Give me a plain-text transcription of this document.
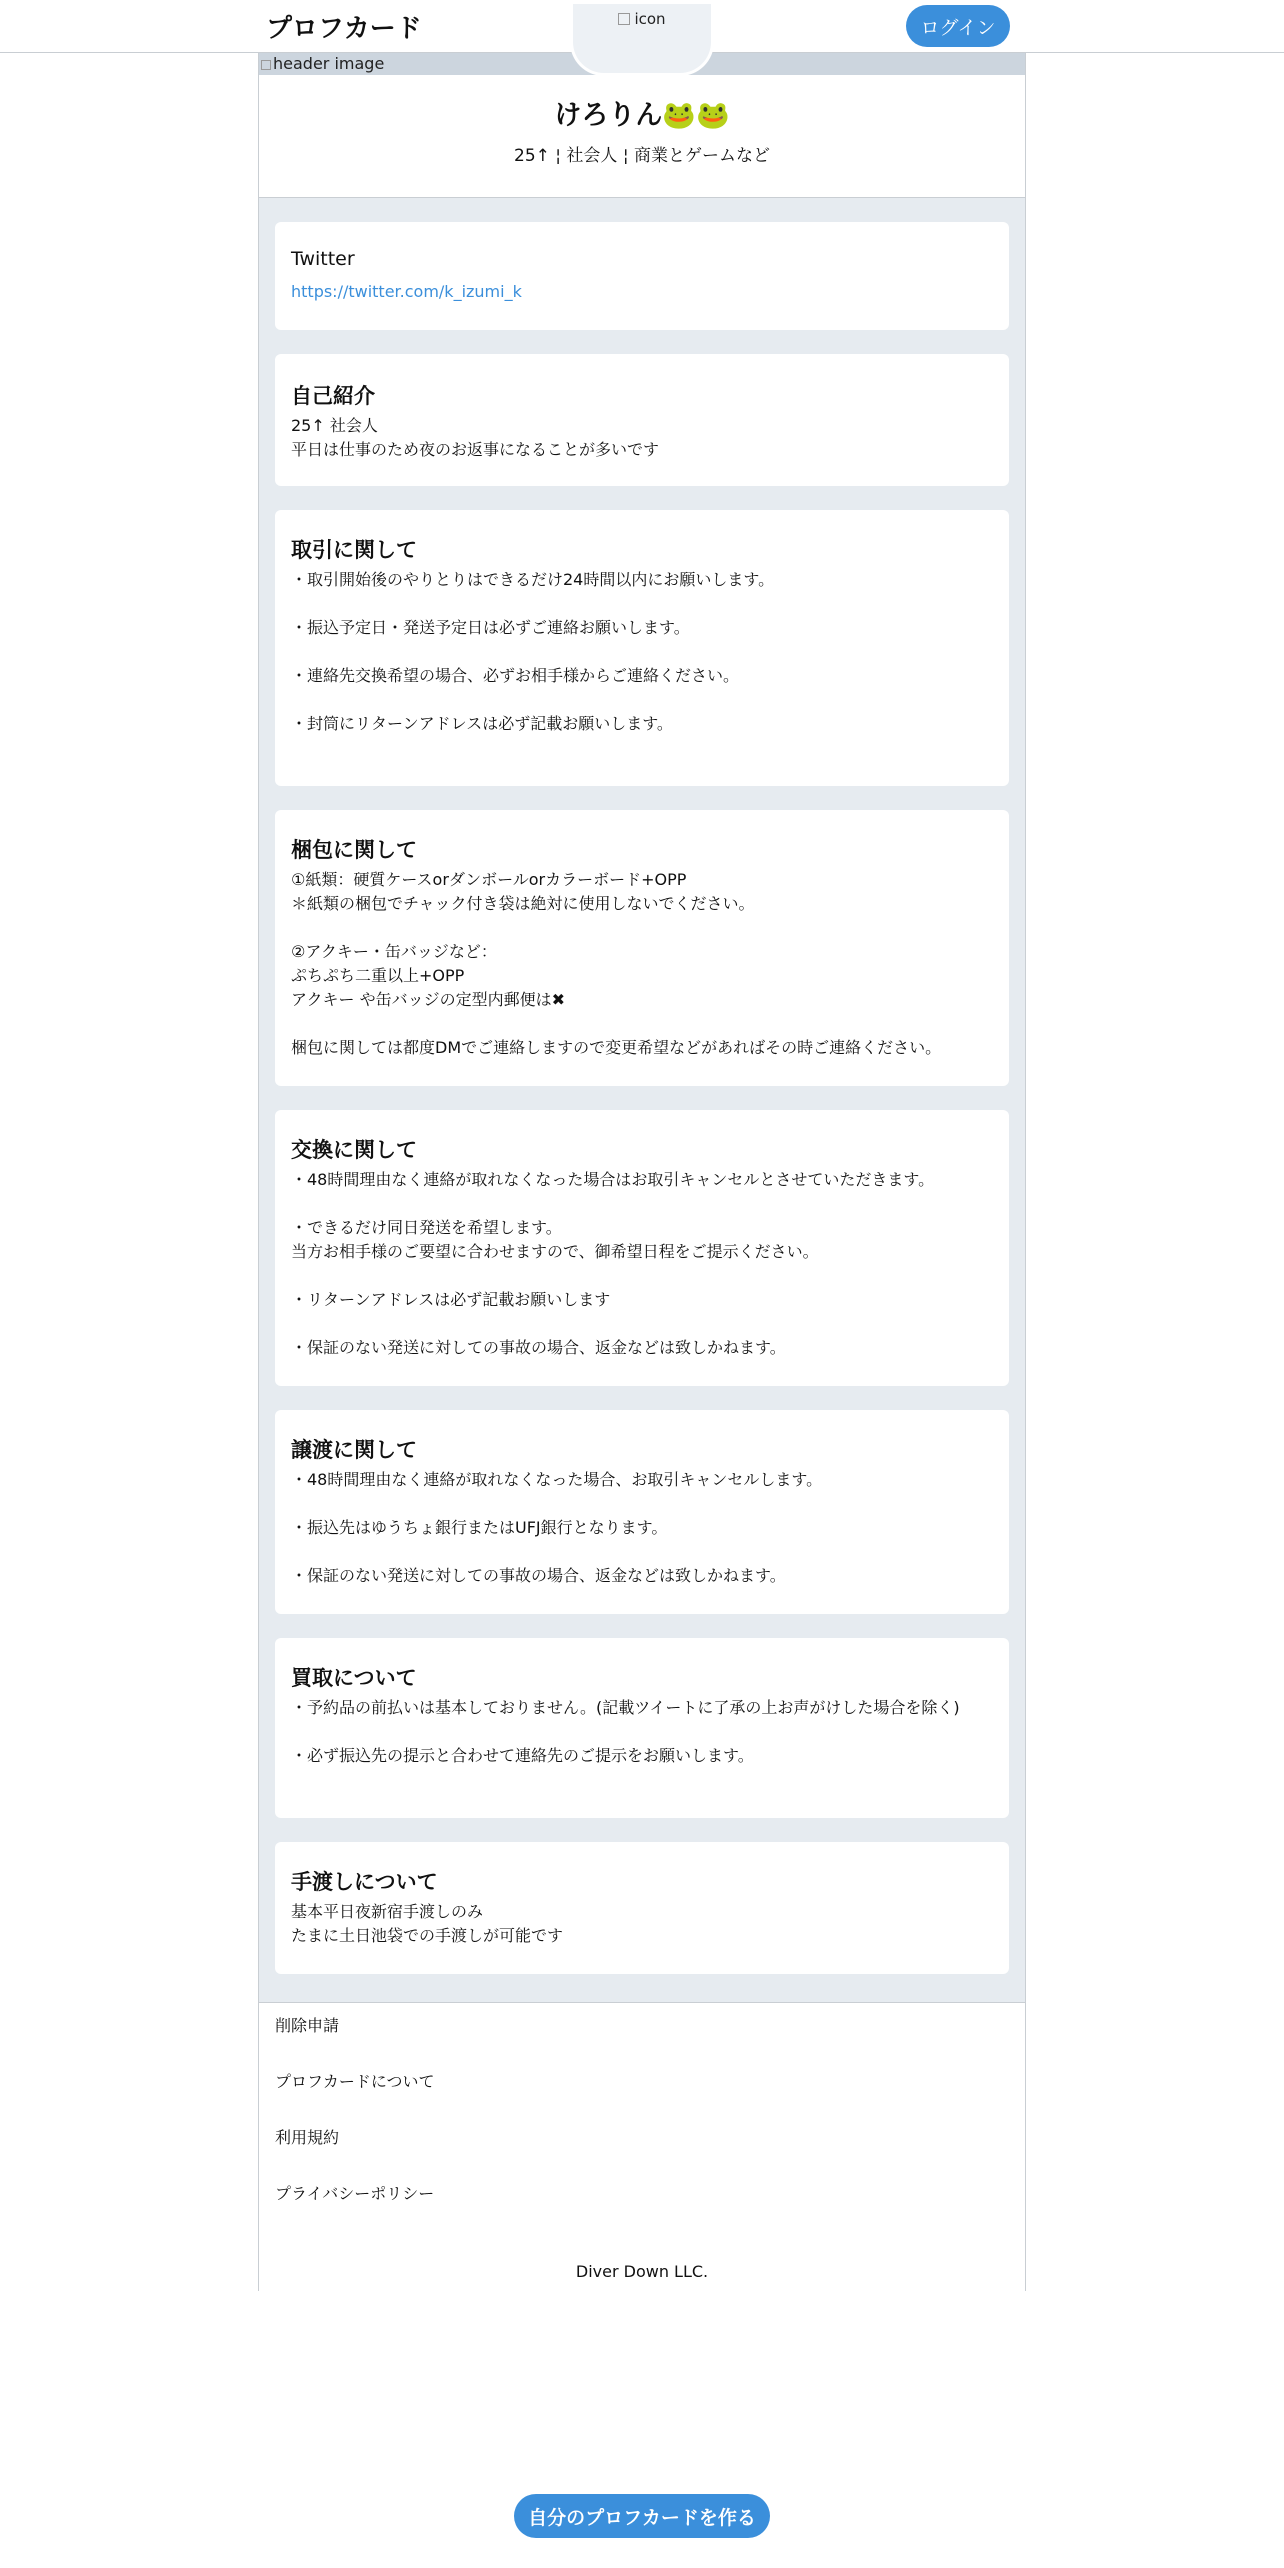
プロフカード	ログイン
icon
header image
けろりん🐸🐸
25↑ ¦ 社会人 ¦ 商業とゲームなど
Twitter
https://twitter.com/k_izumi_k
自己紹介
25↑ 社会人
平日は仕事のため夜のお返事になることが多いです
取引に関して
・取引開始後のやりとりはできるだけ24時間以内にお願いします。

・振込予定日・発送予定日は必ずご連絡お願いします。

・連絡先交換希望の場合、必ずお相手様からご連絡ください。

・封筒にリターンアドレスは必ず記載お願いします。
梱包に関して
①紙類：硬質ケースorダンボールorカラーボード+OPP
＊紙類の梱包でチャック付き袋は絶対に使用しないでください。

②アクキー・缶バッジなど：
ぷちぷち二重以上+OPP
アクキー や缶バッジの定型内郵便は✖

梱包に関しては都度DMでご連絡しますので変更希望などがあればその時ご連絡ください。
交換に関して
・48時間理由なく連絡が取れなくなった場合はお取引キャンセルとさせていただきます。

・できるだけ同日発送を希望します。
当方お相手様のご要望に合わせますので、御希望日程をご提示ください。

・リターンアドレスは必ず記載お願いします

・保証のない発送に対しての事故の場合、返金などは致しかねます。
譲渡に関して
・48時間理由なく連絡が取れなくなった場合、お取引キャンセルします。

・振込先はゆうちょ銀行またはUFJ銀行となります。

・保証のない発送に対しての事故の場合、返金などは致しかねます。
買取について
・予約品の前払いは基本しておりません。(記載ツイートに了承の上お声がけした場合を除く)

・必ず振込先の提示と合わせて連絡先のご提示をお願いします。
手渡しについて
基本平日夜新宿手渡しのみ
たまに土日池袋での手渡しが可能です
削除申請
プロフカードについて
利用規約
プライバシーポリシー
Diver Down LLC.
自分のプロフカードを作る
